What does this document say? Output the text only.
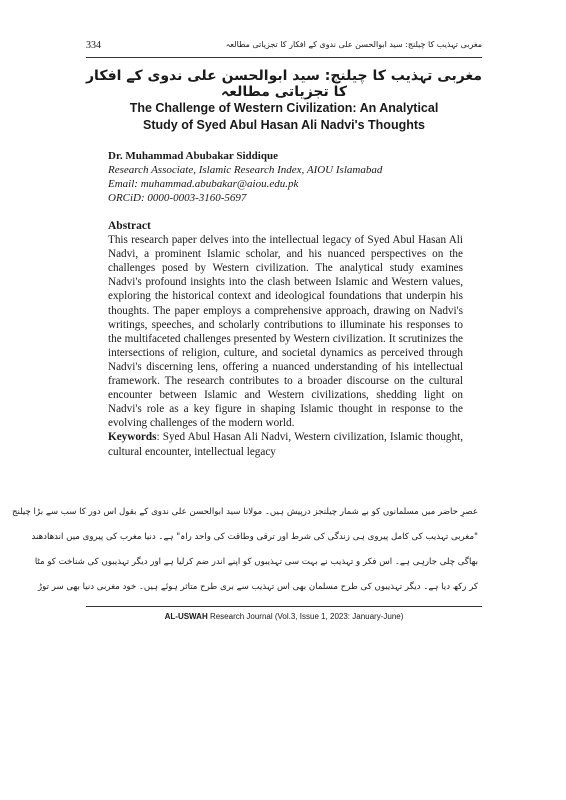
334	مغربی تہذیب کا چیلنج: سید ابوالحسن علی ندوی کے افکار کا تجزیاتی مطالعہ
مغربی تہذیب کا چیلنج: سید ابوالحسن علی ندوی کے افکار کا تجزیاتی مطالعہ
The Challenge of Western Civilization: An Analytical
Study of Syed Abul Hasan Ali Nadvi's Thoughts
Dr. Muhammad Abubakar Siddique
Research Associate, Islamic Research Index, AIOU Islamabad
Email: muhammad.abubakar@aiou.edu.pk
ORCiD: 0000-0003-3160-5697
Abstract

This research paper delves into the intellectual legacy of Syed Abul Hasan Ali Nadvi, a prominent Islamic scholar, and his nuanced perspectives on the challenges posed by Western civilization. The analytical study examines Nadvi's profound insights into the clash between Islamic and Western values, exploring the historical context and ideological foundations that underpin his thoughts. The paper employs a comprehensive approach, drawing on Nadvi's writings, speeches, and scholarly contributions to illuminate his responses to the multifaceted challenges presented by Western civilization. It scrutinizes the intersections of religion, culture, and societal dynamics as perceived through Nadvi's discerning lens, offering a nuanced understanding of his intellectual framework. The research contributes to a broader discourse on the cultural encounter between Islamic and Western civilizations, shedding light on Nadvi's role as a key figure in shaping Islamic thought in response to the evolving challenges of the modern world.

Keywords: Syed Abul Hasan Ali Nadvi, Western civilization, Islamic thought, cultural encounter, intellectual legacy

عصرِ حاضر میں مسلمانوں کو بے شمار چیلنجز درپیش ہیں۔ مولانا سید ابوالحسن علی ندوی کے بقول اس دور کا سب سے بڑا چیلنج
"مغربی تہذیب کی کامل پیروی ہی زندگی کی شرط اور ترقی وطاقت کی واحد راہ" ہے۔ دنیا مغرب کی پیروی میں اندھادھند
بھاگی چلی جارہی ہے۔ اس فکر و تہذیب نے بہت سی تہذیبوں کو اپنے اندر ضم کرلیا ہے اور دیگر تہذیبوں کی شناخت کو مٹا
کر رکھ دیا ہے۔ دیگر تہذیبوں کی طرح مسلمان بھی اس تہذیب سے بری طرح متاثر ہوئے ہیں۔ خود مغربی دنیا بھی سر توڑ
AL-USWAH Research Journal (Vol.3, Issue 1, 2023: January-June)
